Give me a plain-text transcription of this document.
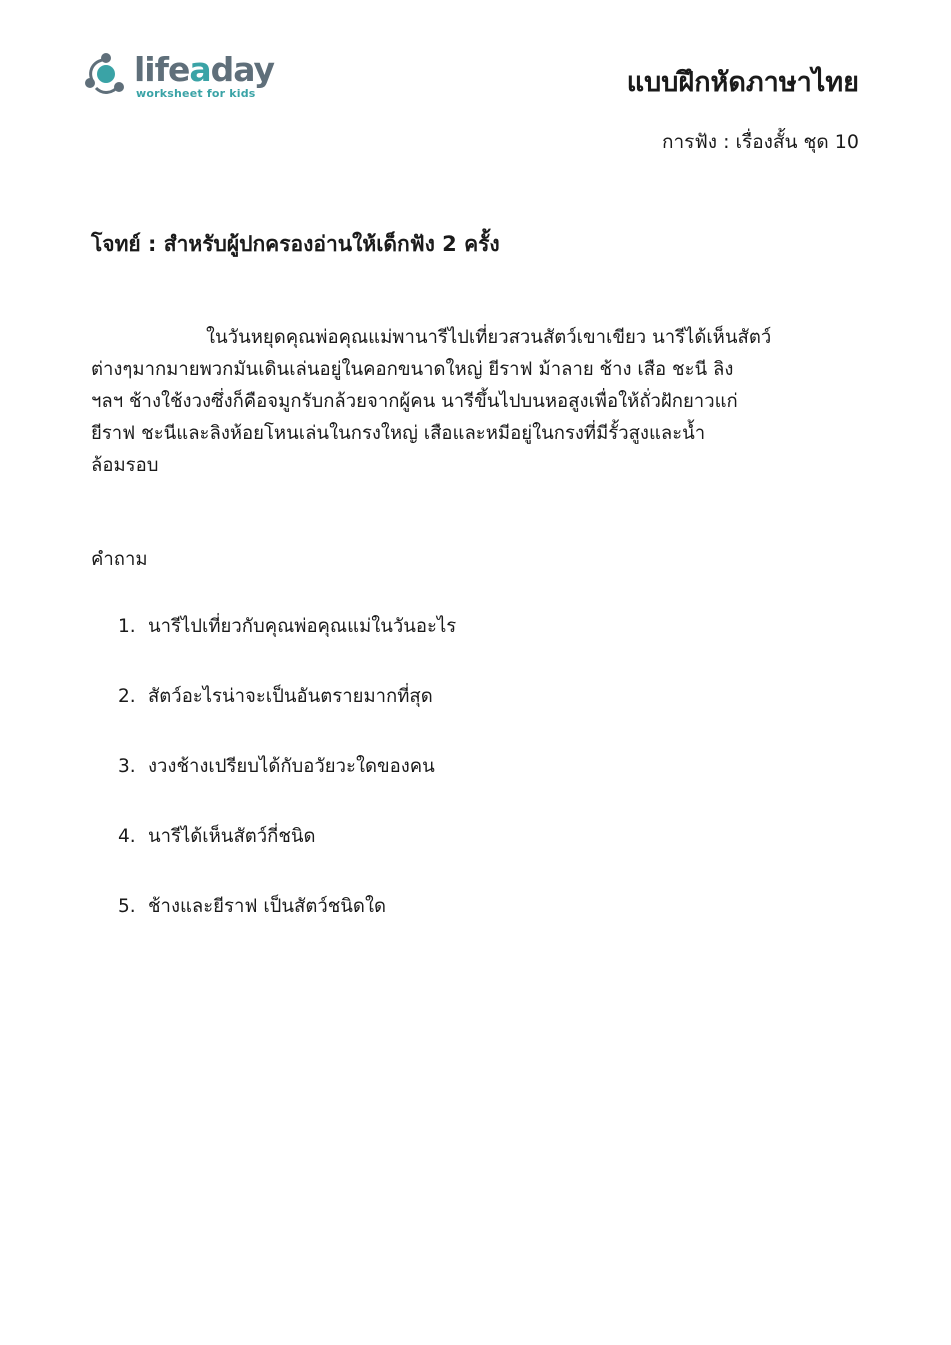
lifeaday
worksheet for kids	แบบฝึกหัดภาษาไทย
การฟัง : เรื่องสั้น ชุด 10
โจทย์ : สำหรับผู้ปกครองอ่านให้เด็กฟัง 2 ครั้ง
ในวันหยุดคุณพ่อคุณแม่พานารีไปเที่ยวสวนสัตว์เขาเขียว นารีได้เห็นสัตว์
ต่างๆมากมายพวกมันเดินเล่นอยู่ในคอกขนาดใหญ่ ยีราฟ ม้าลาย ช้าง เสือ ชะนี ลิง
ฯลฯ ช้างใช้งวงซึ่งก็คือจมูกรับกล้วยจากผู้คน นารีขึ้นไปบนหอสูงเพื่อให้ถั่วฝักยาวแก่
ยีราฟ ชะนีและลิงห้อยโหนเล่นในกรงใหญ่ เสือและหมีอยู่ในกรงที่มีรั้วสูงและน้ำ
ล้อมรอบ
คำถาม
1. นารีไปเที่ยวกับคุณพ่อคุณแม่ในวันอะไร
2. สัตว์อะไรน่าจะเป็นอันตรายมากที่สุด
3. งวงช้างเปรียบได้กับอวัยวะใดของคน
4. นารีได้เห็นสัตว์กี่ชนิด
5. ช้างและยีราฟ เป็นสัตว์ชนิดใด
